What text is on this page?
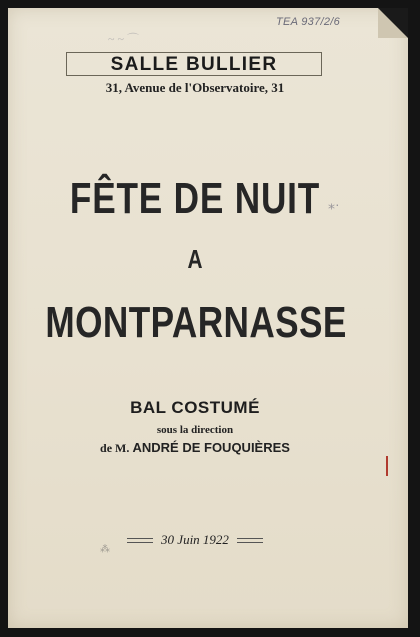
TEA 937/2/6
~ ~ ⌒
SALLE BULLIER
31, Avenue de l'Observatoire, 31
FÊTE DE NUIT ⁎·
A
MONTPARNASSE
BAL COSTUMÉ
sous la direction
de M. ANDRÉ DE FOUQUIÈRES
30 Juin 1922
⁂
